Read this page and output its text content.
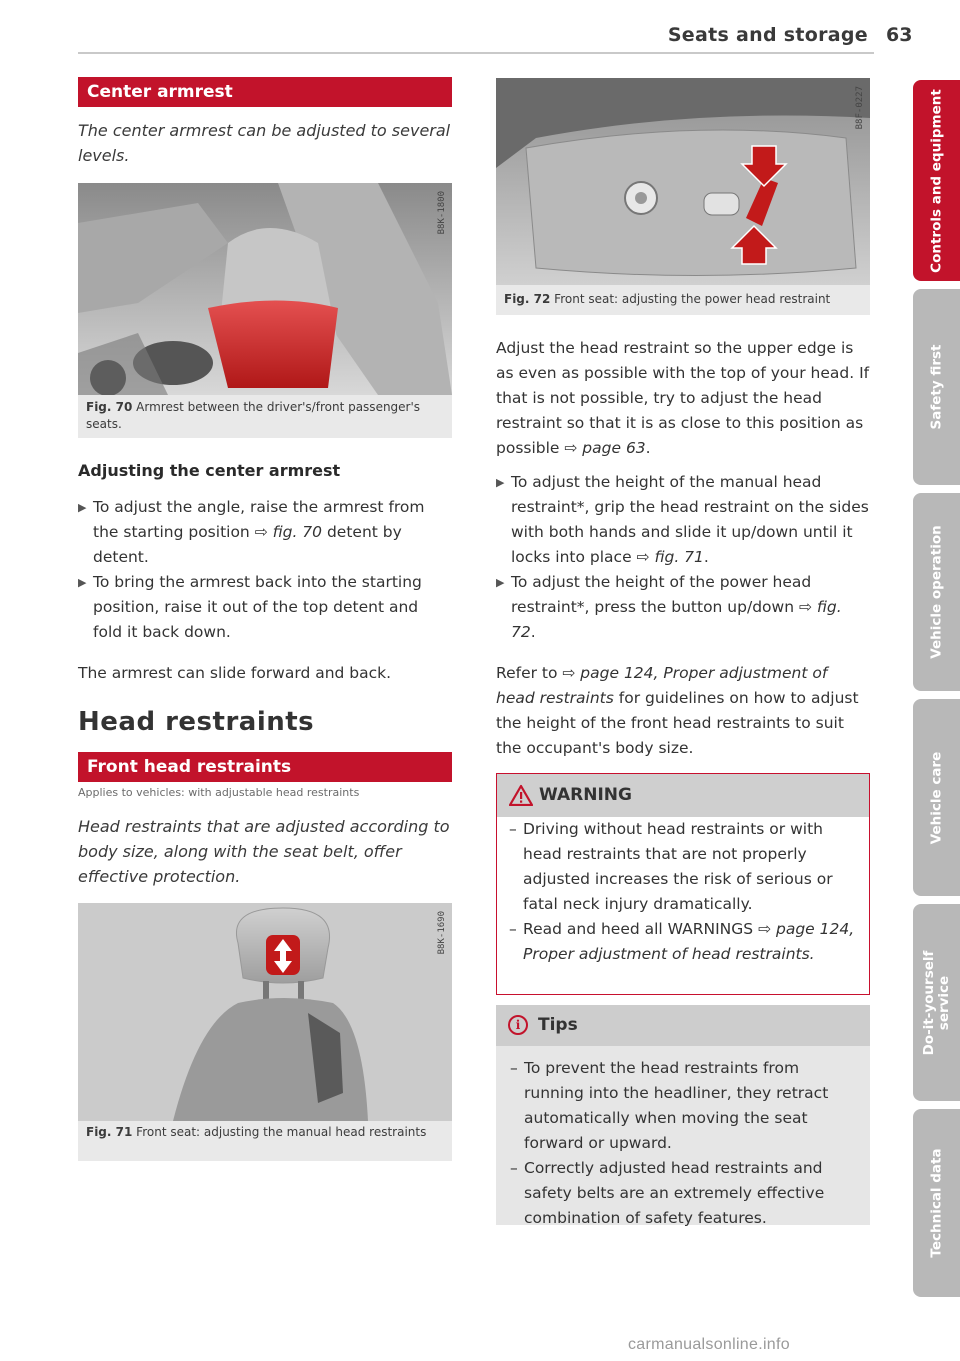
Seats and storage 63
Center armrest
The center armrest can be adjusted to several levels.
B8K-1800
Fig. 70 Armrest between the driver's/front passenger's seats.
Adjusting the center armrest
▶ To adjust the angle, raise the armrest from the starting position ⇨ fig. 70 detent by detent.
▶ To bring the armrest back into the starting position, raise it out of the top detent and fold it back down.
The armrest can slide forward and back.
Head restraints
Front head restraints
Applies to vehicles: with adjustable head restraints
Head restraints that are adjusted according to body size, along with the seat belt, offer effective protection.
B8K-1690
Fig. 71 Front seat: adjusting the manual head restraints
B8F-0227
Fig. 72 Front seat: adjusting the power head restraint
Adjust the head restraint so the upper edge is as even as possible with the top of your head. If that is not possible, try to adjust the head restraint so that it is as close to this position as possible ⇨ page 63.
▶ To adjust the height of the manual head restraint*, grip the head restraint on the sides with both hands and slide it up/down until it locks into place ⇨ fig. 71.
▶ To adjust the height of the power head restraint*, press the button up/down ⇨ fig. 72.
Refer to ⇨ page 124, Proper adjustment of head restraints for guidelines on how to adjust the height of the front head restraints to suit the occupant's body size.
WARNING
– Driving without head restraints or with head restraints that are not properly adjusted increases the risk of serious or fatal neck injury dramatically.
– Read and heed all WARNINGS ⇨ page 124, Proper adjustment of head restraints.
i	Tips
– To prevent the head restraints from running into the headliner, they retract automatically when moving the seat forward or upward.
– Correctly adjusted head restraints and safety belts are an extremely effective combination of safety features.
Controls and equipment
Safety first
Vehicle operation
Vehicle care
Do-it-yourself service
Technical data
carmanualsonline.info
